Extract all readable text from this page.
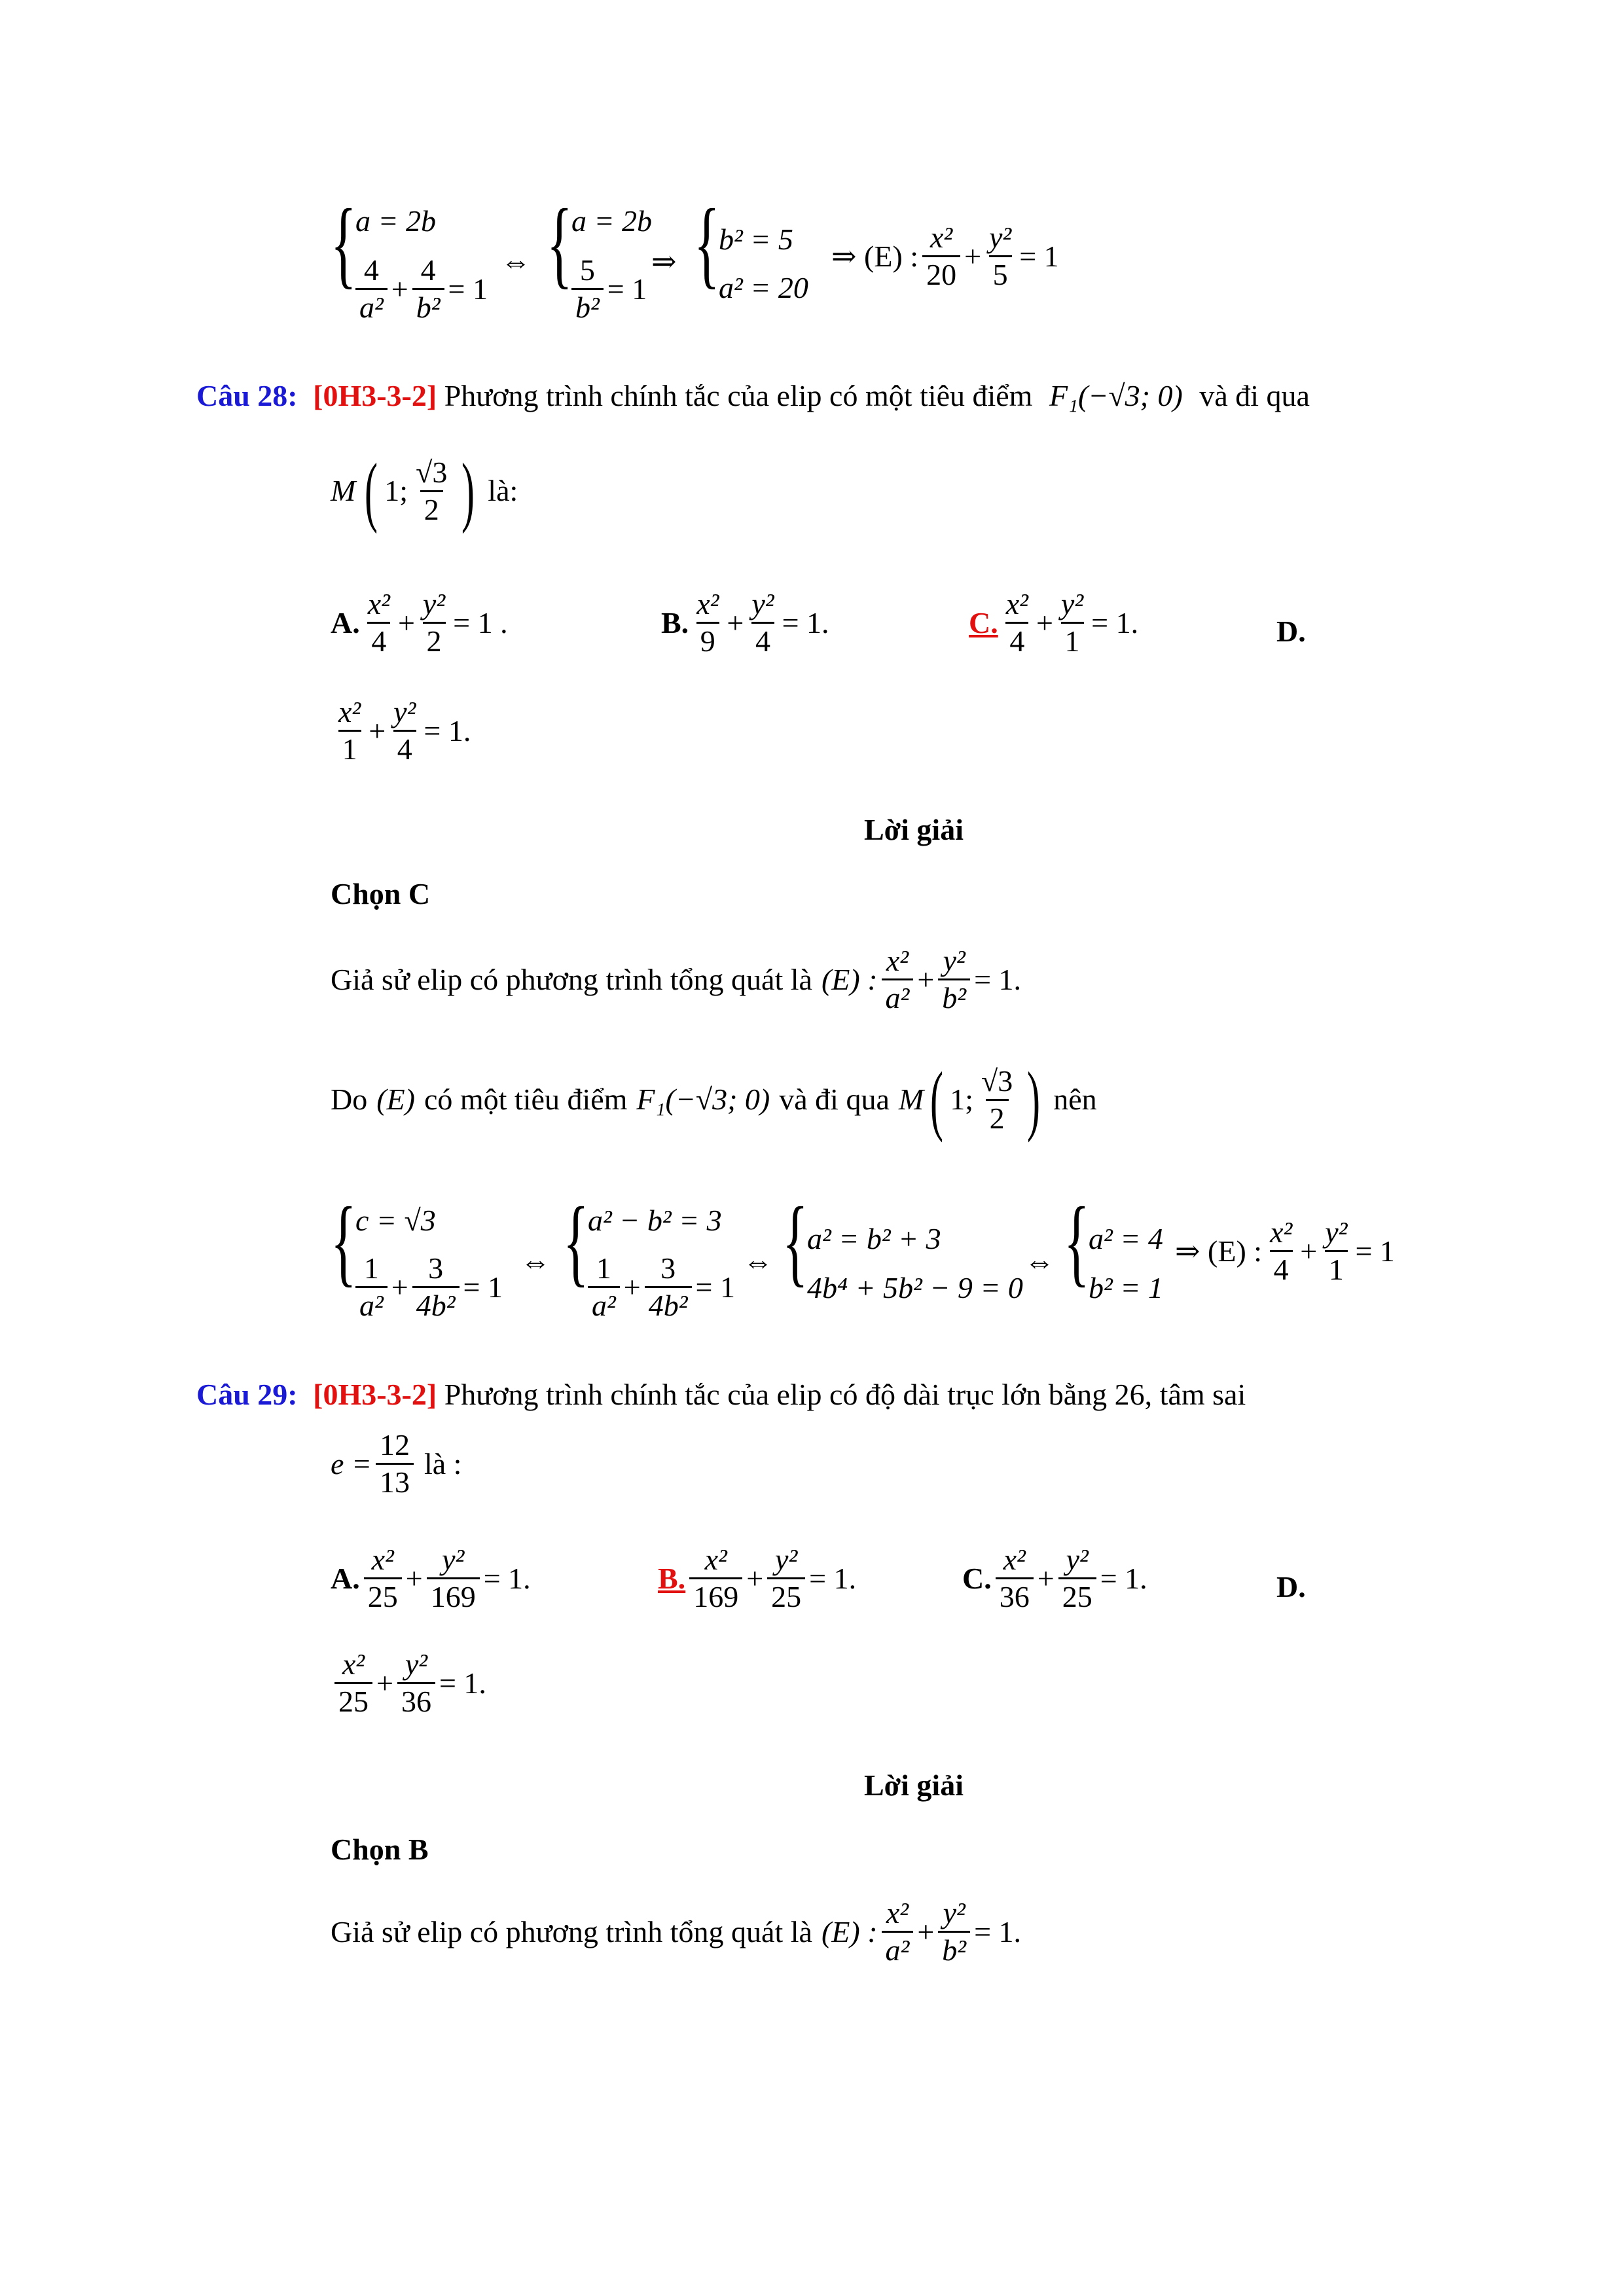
{
a = 2b
$\frac{4}{\text{a²}} + \frac{4}{\text{b²}} = 1$
⇔ {
a = 2b
$\frac{5}{\text{b²}} = 1$
⇒ {
b² = 5
a² = 20
⇒ (E) : $\frac{\text{x²}}{20} + \frac{\text{y²}}{5} = 1$
Câu 28: [0H3-3-2] Phương trình chính tắc của elip có một tiêu điểm F₁(−√3; 0) và đi qua
M ( 1; $\frac{√3}{2}$ ) là:
A. $\frac{\text{x²}}{4} + \frac{\text{y²}}{2} = 1$ .	B. $\frac{\text{x²}}{9} + \frac{\text{y²}}{4} = 1$.	C. $\frac{\text{x²}}{4} + \frac{\text{y²}}{1} = 1$.	D.
$\frac{\text{x²}}{1} + \frac{\text{y²}}{4} = 1$.
Lời giải
Chọn C
Giả sử elip có phương trình tổng quát là (E) : $\frac{\text{x²}}{\text{a²}} + \frac{\text{y²}}{\text{b²}} = 1$.
Do (E) có một tiêu điểm F₁(−√3; 0) và đi qua M ( 1; $\frac{√3}{2}$ ) nên
{
c = √3
$\frac{1}{\text{a²}} + \frac{3}{\text{4b²}} = 1$
⇔ {
a² − b² = 3
$\frac{1}{\text{a²}} + \frac{3}{\text{4b²}} = 1$
⇔ {
a² = b² + 3
4b⁴ + 5b² − 9 = 0
⇔ {
a² = 4
b² = 1
⇒ (E) : $\frac{\text{x²}}{4} + \frac{\text{y²}}{1} = 1$
Câu 29: [0H3-3-2] Phương trình chính tắc của elip có độ dài trục lớn bằng 26, tâm sai
$e = \frac{12}{13}$ là :
A. $\frac{\text{x²}}{25} + \frac{\text{y²}}{169} = 1$.	B. $\frac{\text{x²}}{169} + \frac{\text{y²}}{25} = 1$.	C. $\frac{\text{x²}}{36} + \frac{\text{y²}}{25} = 1$.	D.
$\frac{\text{x²}}{25} + \frac{\text{y²}}{36} = 1$.
Lời giải
Chọn B
Giả sử elip có phương trình tổng quát là (E) : $\frac{\text{x²}}{\text{a²}} + \frac{\text{y²}}{\text{b²}} = 1$.
